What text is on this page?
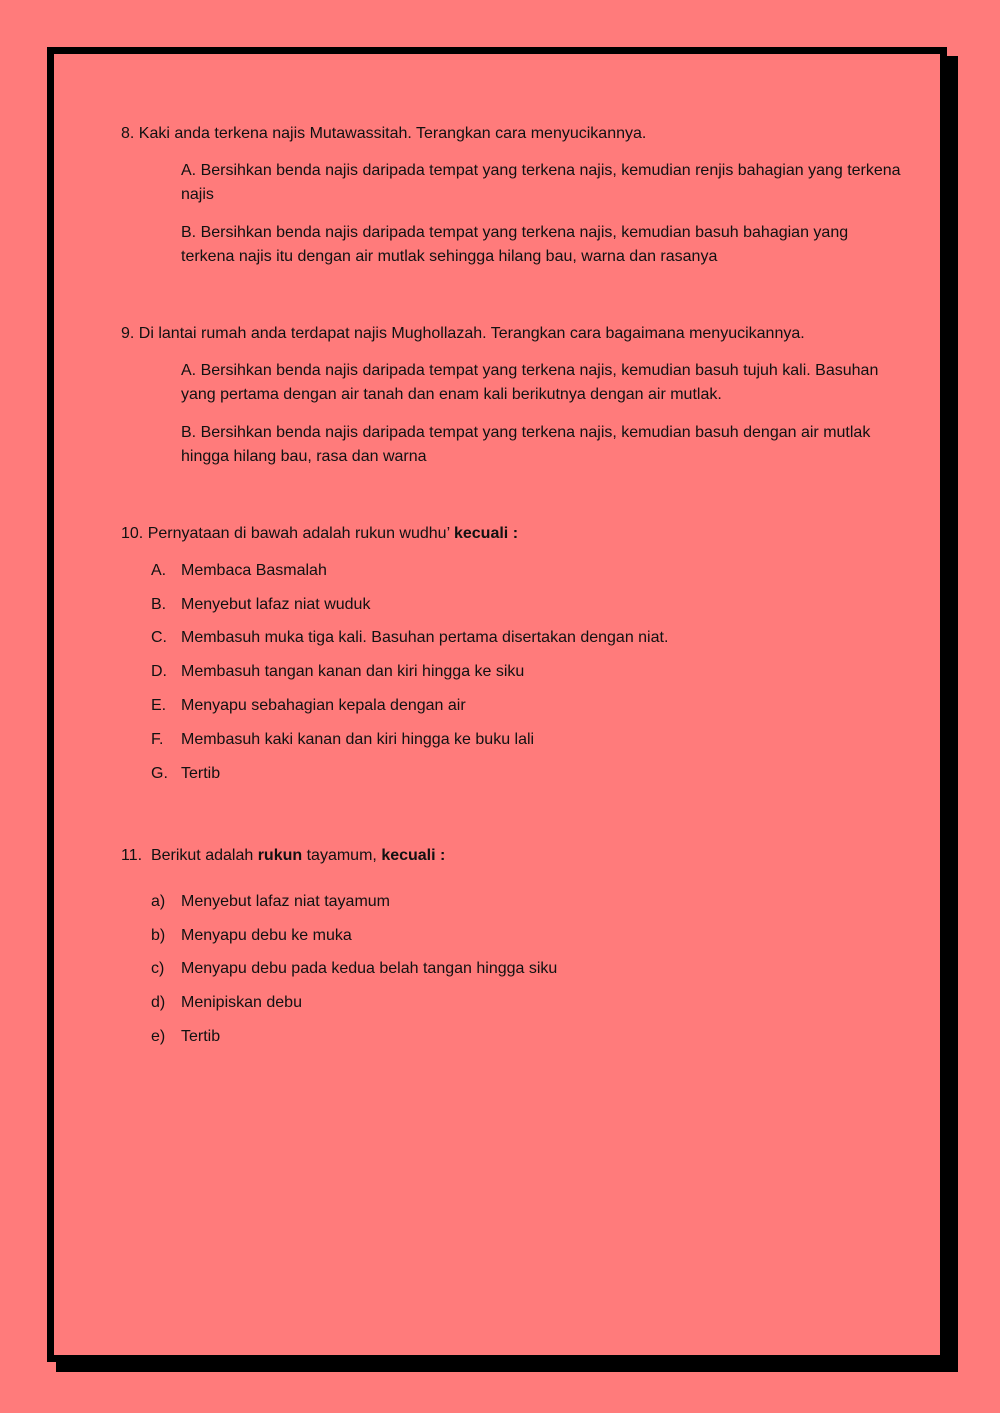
8. Kaki anda terkena najis Mutawassitah. Terangkan cara menyucikannya.
A. Bersihkan benda najis daripada tempat yang terkena najis, kemudian renjis bahagian yang terkena najis
B. Bersihkan benda najis daripada tempat yang terkena najis, kemudian basuh bahagian yang terkena najis itu dengan air mutlak sehingga hilang bau, warna dan rasanya
9. Di lantai rumah anda terdapat najis Mughollazah. Terangkan cara bagaimana menyucikannya.
A. Bersihkan benda najis daripada tempat yang terkena najis, kemudian basuh tujuh kali. Basuhan yang pertama dengan air tanah dan enam kali berikutnya dengan air mutlak.
B. Bersihkan benda najis daripada tempat yang terkena najis, kemudian basuh dengan air mutlak hingga hilang bau, rasa dan warna
10. Pernyataan di bawah adalah rukun wudhu’ kecuali :
A. Membaca Basmalah
B. Menyebut lafaz niat wuduk
C. Membasuh muka tiga kali. Basuhan pertama disertakan dengan niat.
D. Membasuh tangan kanan dan kiri hingga ke siku
E. Menyapu sebahagian kepala dengan air
F. Membasuh kaki kanan dan kiri hingga ke buku lali
G. Tertib
11. Berikut adalah rukun tayamum, kecuali :
a) Menyebut lafaz niat tayamum
b) Menyapu debu ke muka
c) Menyapu debu pada kedua belah tangan hingga siku
d) Menipiskan debu
e) Tertib
